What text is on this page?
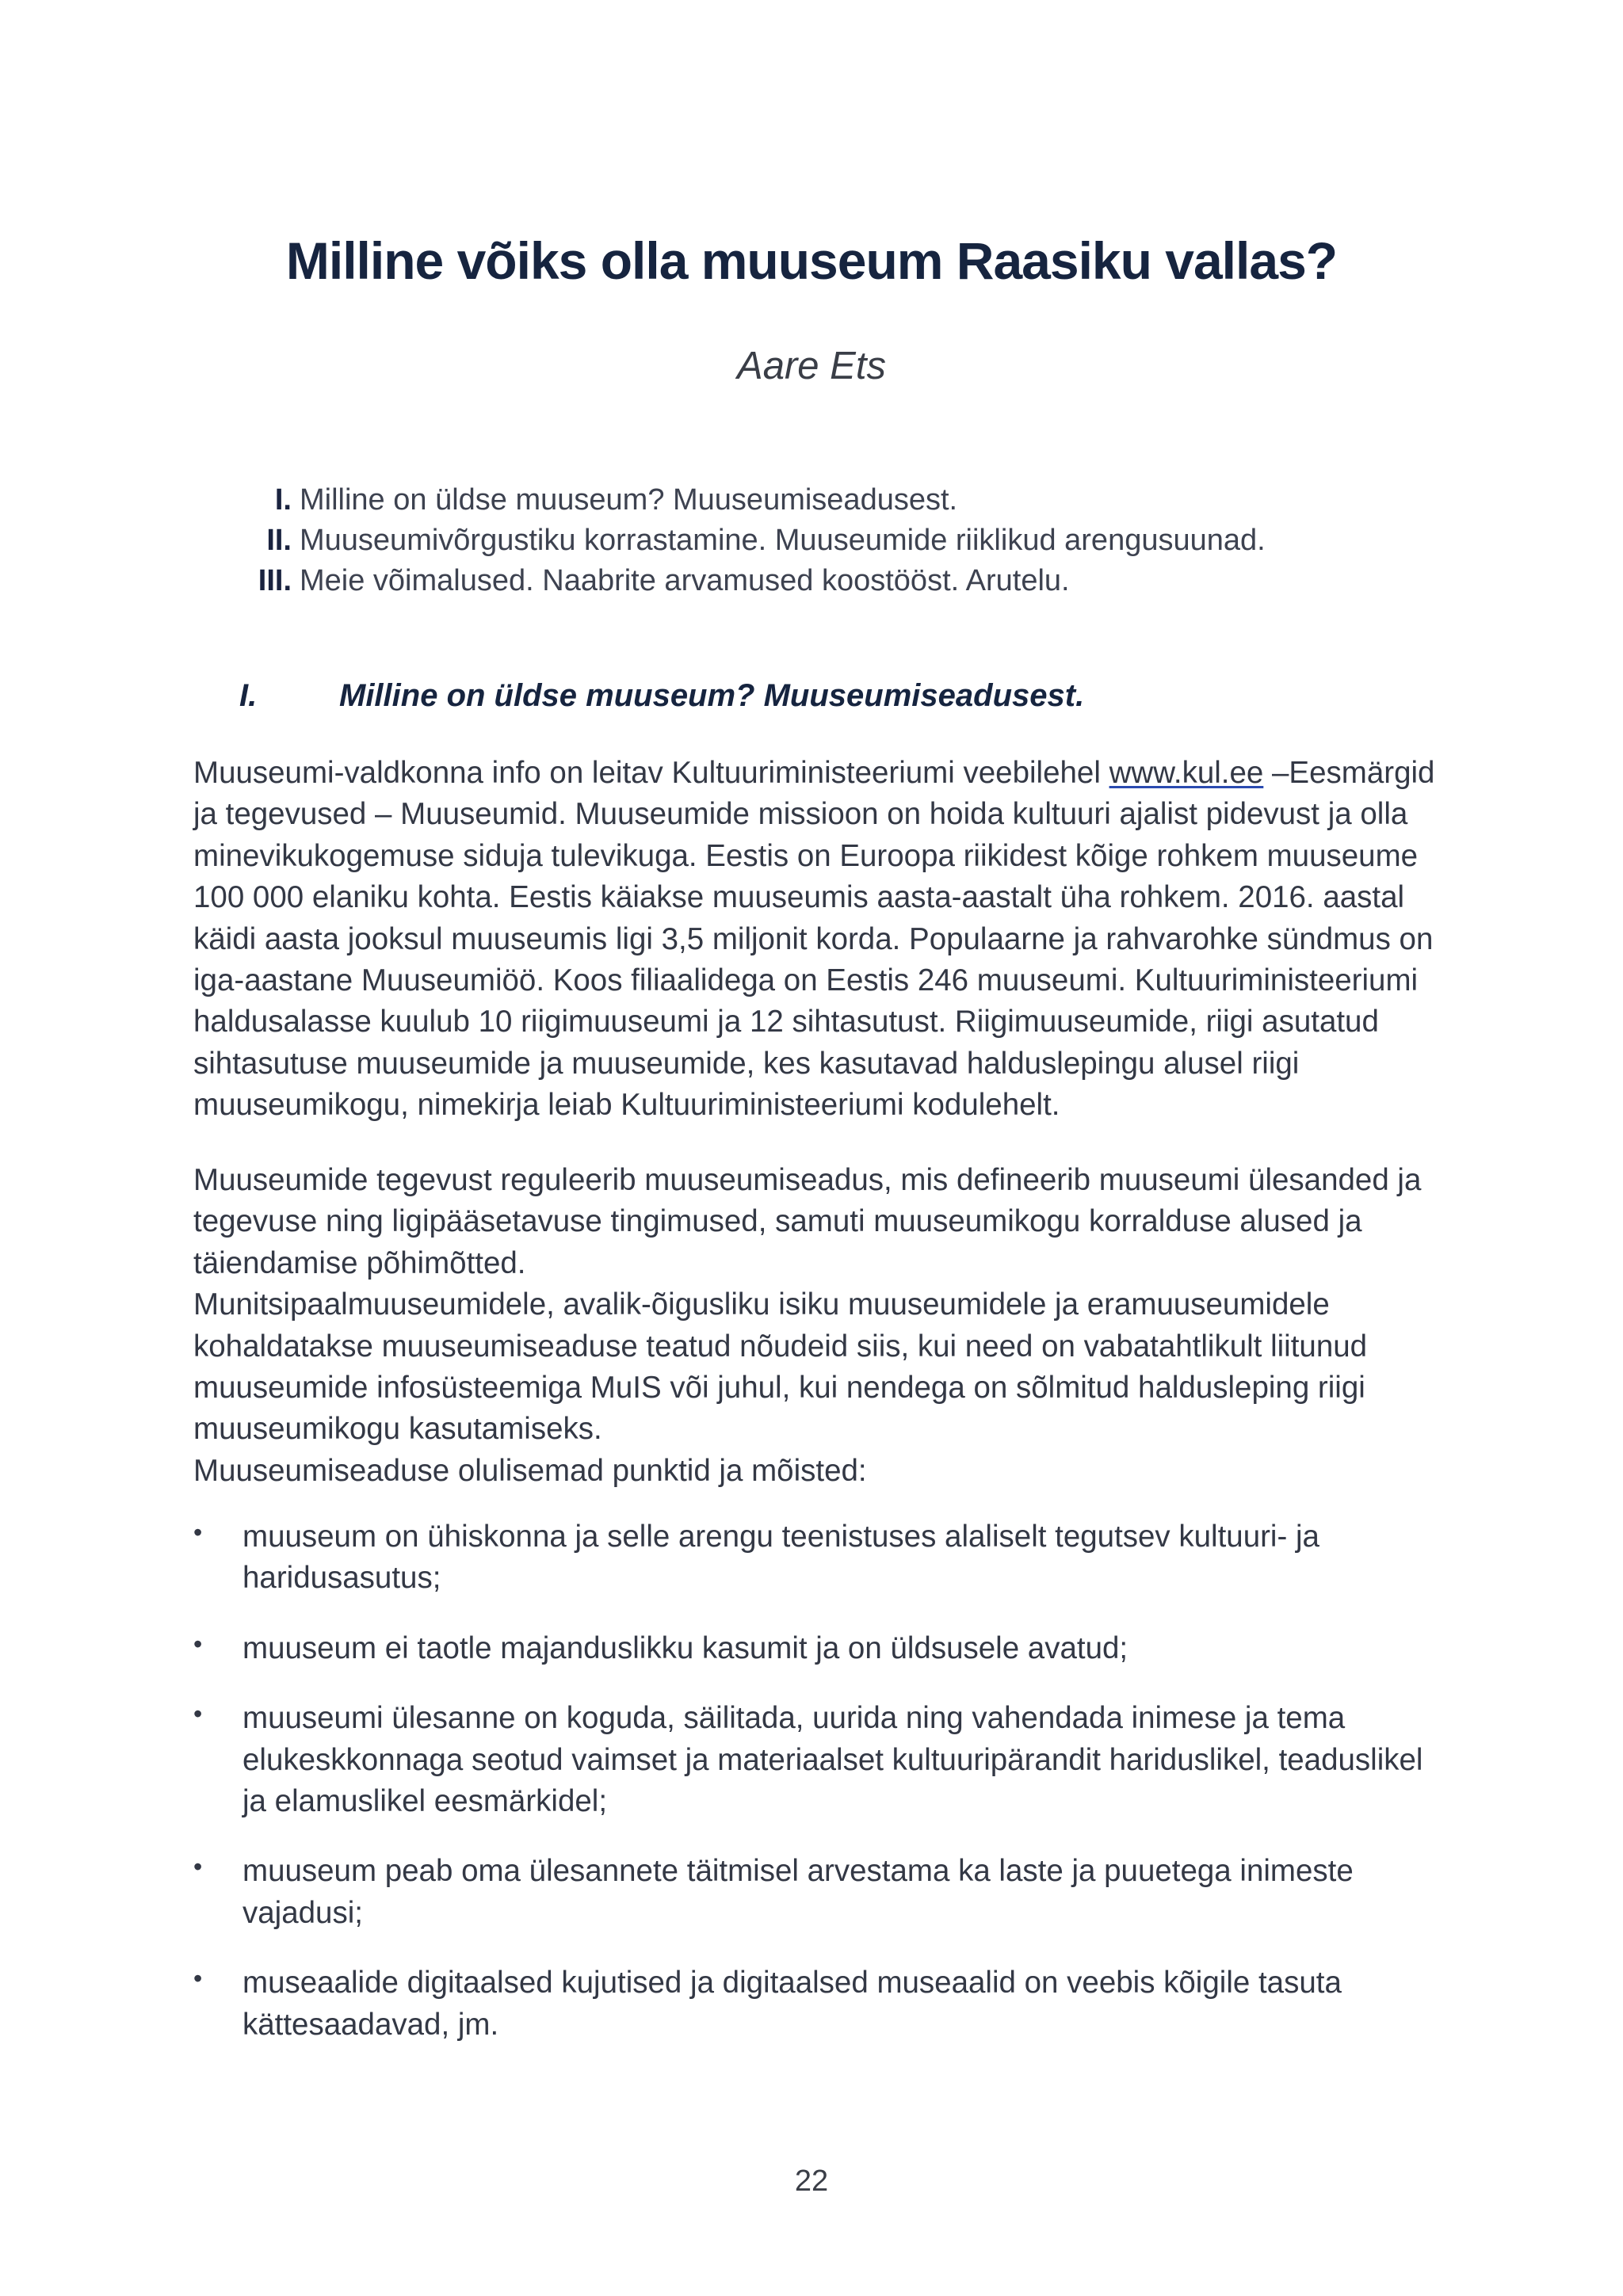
Milline võiks olla muuseum Raasiku vallas?
Aare Ets
I. Milline on üldse muuseum? Muuseumiseadusest.
II. Muuseumivõrgustiku korrastamine. Muuseumide riiklikud arengusuunad.
III. Meie võimalused. Naabrite arvamused koostööst. Arutelu.
I.	Milline on üldse muuseum? Muuseumiseadusest.

Muuseumi-valdkonna info on leitav Kultuuriministeeriumi veebilehel www.kul.ee –Eesmärgid ja tegevused – Muuseumid. Muuseumide missioon on hoida kultuuri ajalist pidevust ja olla minevikukogemuse siduja tulevikuga. Eestis on Euroopa riikidest kõige rohkem muuseume 100 000 elaniku kohta. Eestis käiakse muuseumis aasta-aastalt üha rohkem. 2016. aastal käidi aasta jooksul muuseumis ligi 3,5 miljonit korda. Populaarne ja rahvarohke sündmus on iga-aastane Muuseumiöö. Koos filiaalidega on Eestis 246 muuseumi. Kultuuriministeeriumi haldusalasse kuulub 10 riigimuuseumi ja 12 sihtasutust. Riigimuuseumide, riigi asutatud sihtasutuse muuseumide ja muuseumide, kes kasutavad halduslepingu alusel riigi muuseumikogu, nimekirja leiab Kultuuriministeeriumi kodulehelt.

Muuseumide tegevust reguleerib muuseumiseadus, mis defineerib muuseumi ülesanded ja tegevuse ning ligipääsetavuse tingimused, samuti muuseumikogu korralduse alused ja täiendamise põhimõtted.
Munitsipaalmuuseumidele, avalik-õigusliku isiku muuseumidele ja eramuuseumidele kohaldatakse muuseumiseaduse teatud nõudeid siis, kui need on vabatahtlikult liitunud muuseumide infosüsteemiga MuIS või juhul, kui nendega on sõlmitud haldusleping riigi muuseumikogu kasutamiseks.
Muuseumiseaduse olulisemad punktid ja mõisted:

• muuseum on ühiskonna ja selle arengu teenistuses alaliselt tegutsev kultuuri- ja haridusasutus;
• muuseum ei taotle majanduslikku kasumit ja on üldsusele avatud;
• muuseumi ülesanne on koguda, säilitada, uurida ning vahendada inimese ja tema elukeskkonnaga seotud vaimset ja materiaalset kultuuripärandit hariduslikel, teaduslikel ja elamuslikel eesmärkidel;
• muuseum peab oma ülesannete täitmisel arvestama ka laste ja puuetega inimeste vajadusi;
• museaalide digitaalsed kujutised ja digitaalsed museaalid on veebis kõigile tasuta kättesaadavad, jm.
22
